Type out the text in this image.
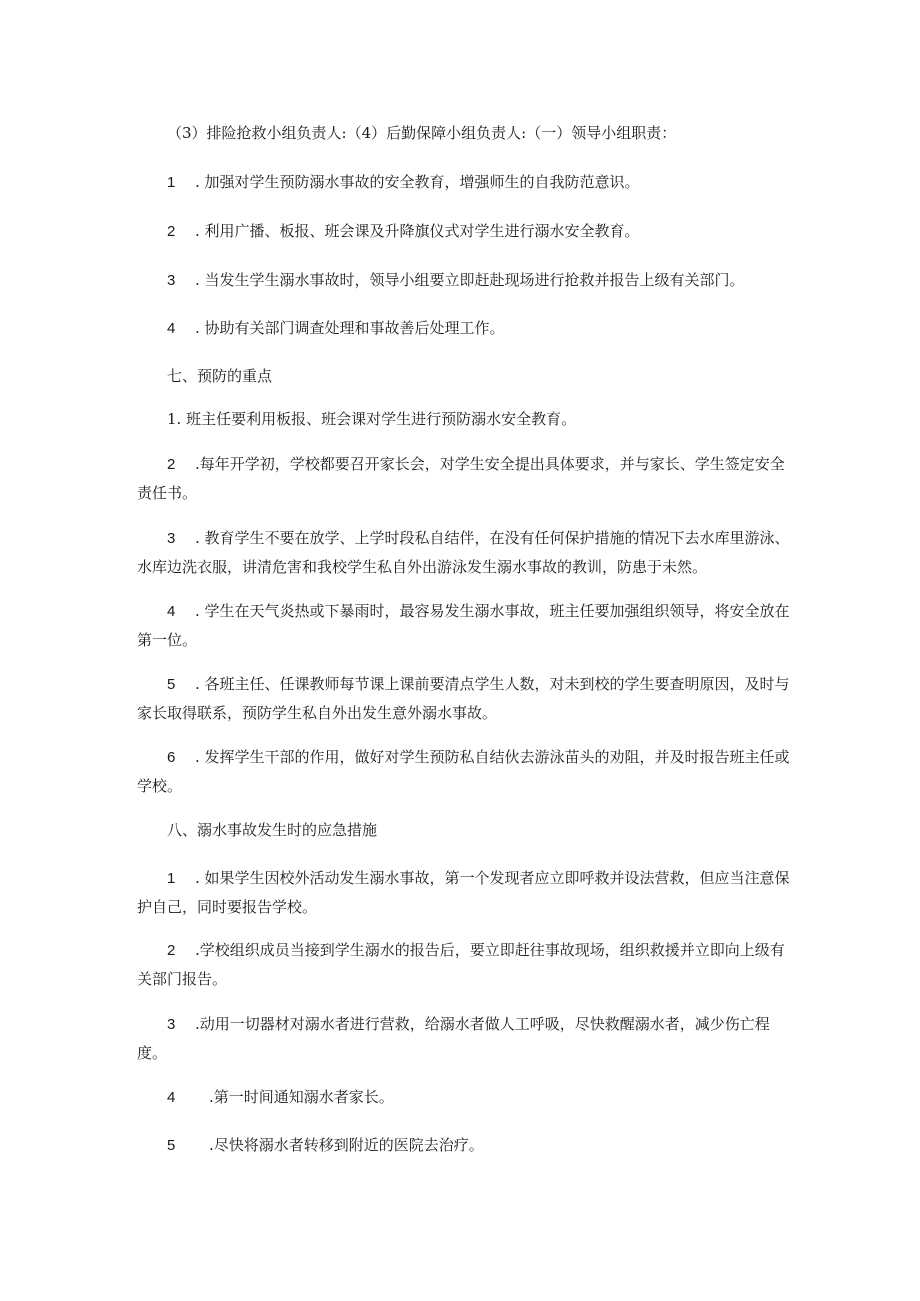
（3）排险抢救小组负责人:（4）后勤保障小组负责人:（一）领导小组职责：

1 . 加强对学生预防溺水事故的安全教育，增强师生的自我防范意识。

2 . 利用广播、板报、班会课及升降旗仪式对学生进行溺水安全教育。

3 . 当发生学生溺水事故时，领导小组要立即赶赴现场进行抢救并报告上级有关部门。

4 . 协助有关部门调查处理和事故善后处理工作。

七、预防的重点

1. 班主任要利用板报、班会课对学生进行预防溺水安全教育。

2 .每年开学初，学校都要召开家长会，对学生安全提出具体要求，并与家长、学生签定安全责任书。

3 . 教育学生不要在放学、上学时段私自结伴，在没有任何保护措施的情况下去水库里游泳、水库边洗衣服，讲清危害和我校学生私自外出游泳发生溺水事故的教训，防患于未然。

4 . 学生在天气炎热或下暴雨时，最容易发生溺水事故，班主任要加强组织领导，将安全放在第一位。

5 . 各班主任、任课教师每节课上课前要清点学生人数，对未到校的学生要查明原因，及时与家长取得联系，预防学生私自外出发生意外溺水事故。

6 . 发挥学生干部的作用，做好对学生预防私自结伙去游泳苗头的劝阻，并及时报告班主任或学校。

八、溺水事故发生时的应急措施

1 . 如果学生因校外活动发生溺水事故，第一个发现者应立即呼救并设法营救，但应当注意保护自己，同时要报告学校。

2 .学校组织成员当接到学生溺水的报告后，要立即赶往事故现场，组织救援并立即向上级有关部门报告。

3 .动用一切器材对溺水者进行营救，给溺水者做人工呼吸，尽快救醒溺水者，减少伤亡程度。

4 .第一时间通知溺水者家长。

5 .尽快将溺水者转移到附近的医院去治疗。
